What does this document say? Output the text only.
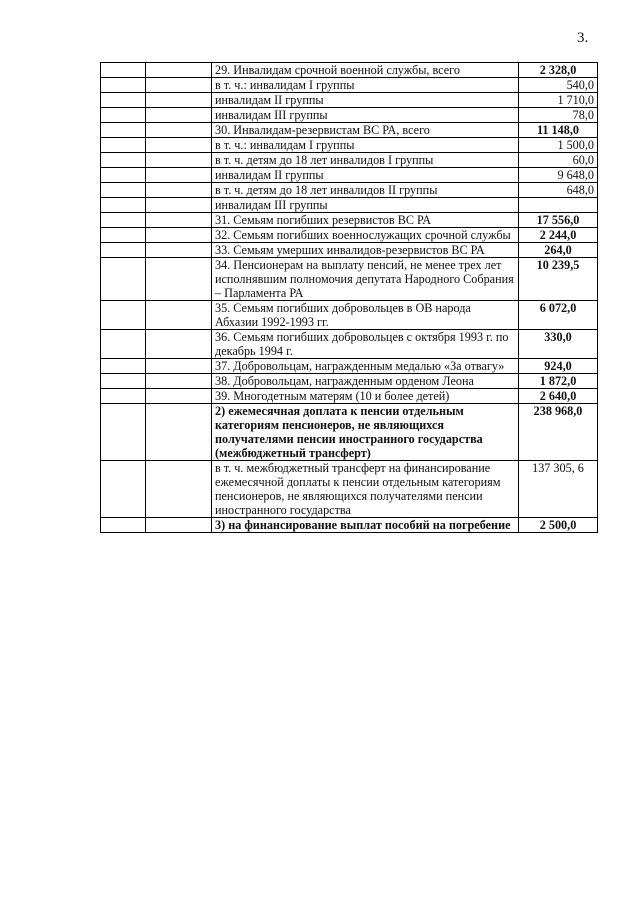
3.
		29. Инвалидам срочной военной службы, всего	2 328,0
		в т. ч.: инвалидам I группы	540,0
		инвалидам II группы	1 710,0
		инвалидам III группы	78,0
		30. Инвалидам-резервистам ВС РА, всего	11 148,0
		в т. ч.: инвалидам I группы	1 500,0
		в т. ч. детям до 18 лет инвалидов I группы	60,0
		инвалидам II группы	9 648,0
		в т. ч. детям до 18 лет инвалидов II группы	648,0
		инвалидам III группы	
		31. Семьям погибших резервистов ВС РА	17 556,0
		32. Семьям погибших военнослужащих срочной службы	2 244,0
		33. Семьям умерших инвалидов-резервистов ВС РА	264,0
		34. Пенсионерам на выплату пенсий, не менее трех лет исполнявшим полномочия депутата Народного Собрания – Парламента РА	10 239,5
		35. Семьям погибших добровольцев в ОВ народа Абхазии 1992-1993 гг.	6 072,0
		36. Семьям погибших добровольцев с октября 1993 г. по декабрь 1994 г.	330,0
		37. Добровольцам, награжденным медалью «За отвагу»	924,0
		38. Добровольцам, награжденным орденом Леона	1 872,0
		39. Многодетным матерям (10 и более детей)	2 640,0
		2) ежемесячная доплата к пенсии отдельным категориям пенсионеров, не являющихся получателями пенсии иностранного государства (межбюджетный трансферт)	238 968,0
		в т. ч. межбюджетный трансферт на финансирование ежемесячной доплаты к пенсии отдельным категориям пенсионеров, не являющихся получателями пенсии иностранного государства	137 305, 6
		3) на финансирование выплат пособий на погребение	2 500,0
